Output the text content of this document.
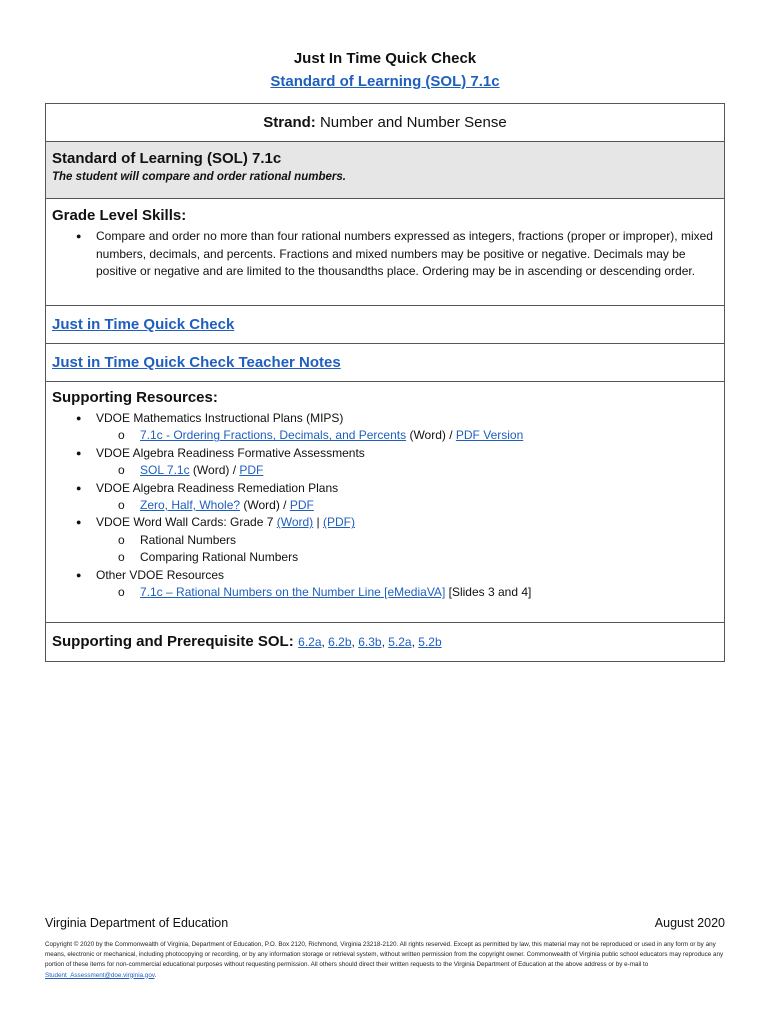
Just In Time Quick Check
Standard of Learning (SOL) 7.1c
Strand: Number and Number Sense
Standard of Learning (SOL) 7.1c
The student will compare and order rational numbers.
Grade Level Skills:
● Compare and order no more than four rational numbers expressed as integers, fractions (proper or improper), mixed numbers, decimals, and percents. Fractions and mixed numbers may be positive or negative. Decimals may be positive or negative and are limited to the thousandths place. Ordering may be in ascending or descending order.
Just in Time Quick Check
Just in Time Quick Check Teacher Notes
Supporting Resources:
● VDOE Mathematics Instructional Plans (MIPS)
o 7.1c - Ordering Fractions, Decimals, and Percents (Word) / PDF Version
● VDOE Algebra Readiness Formative Assessments
o SOL 7.1c (Word) / PDF
● VDOE Algebra Readiness Remediation Plans
o Zero, Half, Whole? (Word) / PDF
● VDOE Word Wall Cards: Grade 7 (Word) | (PDF)
o Rational Numbers
o Comparing Rational Numbers
● Other VDOE Resources
o 7.1c – Rational Numbers on the Number Line [eMediaVA] [Slides 3 and 4]
Supporting and Prerequisite SOL: 6.2a, 6.2b, 6.3b, 5.2a, 5.2b
Virginia Department of Education	August 2020
Copyright © 2020 by the Commonwealth of Virginia, Department of Education, P.O. Box 2120, Richmond, Virginia 23218-2120. All rights reserved. Except as permitted by law, this material may not be reproduced or used in any form or by any means, electronic or mechanical, including photocopying or recording, or by any information storage or retrieval system, without written permission from the copyright owner. Commonwealth of Virginia public school educators may reproduce any portion of these items for non-commercial educational purposes without requesting permission. All others should direct their written requests to the Virginia Department of Education at the above address or by e-mail to Student_Assessment@doe.virginia.gov.
